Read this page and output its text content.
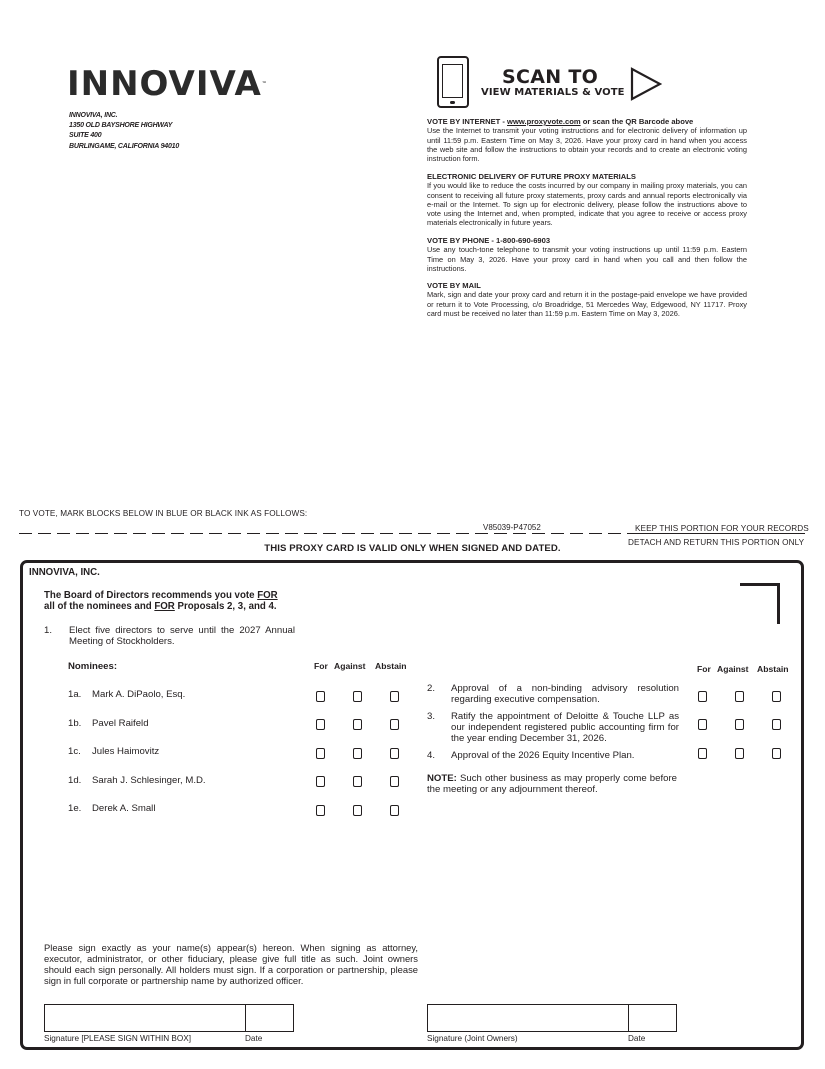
INNOVIVA™
INNOVIVA, INC.
1350 OLD BAYSHORE HIGHWAY
SUITE 400
BURLINGAME, CALIFORNIA 94010
SCAN TO
VIEW MATERIALS & VOTE
VOTE BY INTERNET - www.proxyvote.com or scan the QR Barcode above
Use the Internet to transmit your voting instructions and for electronic delivery of information up until 11:59 p.m. Eastern Time on May 3, 2026. Have your proxy card in hand when you access the web site and follow the instructions to obtain your records and to create an electronic voting instruction form.
ELECTRONIC DELIVERY OF FUTURE PROXY MATERIALS
If you would like to reduce the costs incurred by our company in mailing proxy materials, you can consent to receiving all future proxy statements, proxy cards and annual reports electronically via e-mail or the Internet. To sign up for electronic delivery, please follow the instructions above to vote using the Internet and, when prompted, indicate that you agree to receive or access proxy materials electronically in future years.
VOTE BY PHONE - 1-800-690-6903
Use any touch-tone telephone to transmit your voting instructions up until 11:59 p.m. Eastern Time on May 3, 2026. Have your proxy card in hand when you call and then follow the instructions.
VOTE BY MAIL
Mark, sign and date your proxy card and return it in the postage-paid envelope we have provided or return it to Vote Processing, c/o Broadridge, 51 Mercedes Way, Edgewood, NY 11717. Proxy card must be received no later than 11:59 p.m. Eastern Time on May 3, 2026.
TO VOTE, MARK BLOCKS BELOW IN BLUE OR BLACK INK AS FOLLOWS:
V85039-P47052	KEEP THIS PORTION FOR YOUR RECORDS
DETACH AND RETURN THIS PORTION ONLY
THIS PROXY CARD IS VALID ONLY WHEN SIGNED AND DATED.
INNOVIVA, INC.
The Board of Directors recommends you vote FOR
all of the nominees and FOR Proposals 2, 3, and 4.
1. Elect five directors to serve until the 2027 Annual Meeting of Stockholders.
Nominees:	For Against Abstain	For Against Abstain
1a. Mark A. DiPaolo, Esq.
1b. Pavel Raifeld
1c. Jules Haimovitz
1d. Sarah J. Schlesinger, M.D.
1e. Derek A. Small
2. Approval of a non-binding advisory resolution regarding executive compensation.
3. Ratify the appointment of Deloitte & Touche LLP as our independent registered public accounting firm for the year ending December 31, 2026.
4. Approval of the 2026 Equity Incentive Plan.
NOTE: Such other business as may properly come before the meeting or any adjournment thereof.
Please sign exactly as your name(s) appear(s) hereon. When signing as attorney, executor, administrator, or other fiduciary, please give full title as such. Joint owners should each sign personally. All holders must sign. If a corporation or partnership, please sign in full corporate or partnership name by authorized officer.
Signature [PLEASE SIGN WITHIN BOX]	Date	Signature (Joint Owners)	Date
